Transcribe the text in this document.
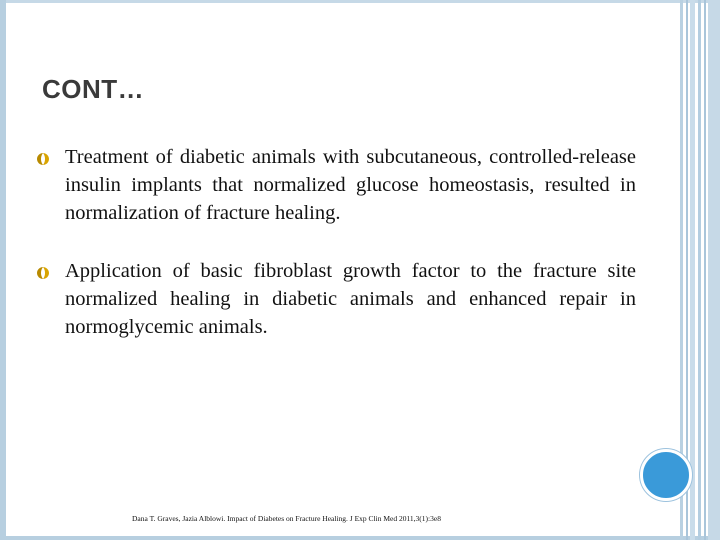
CONT…
Treatment of diabetic animals with subcutaneous, controlled-release insulin implants that normalized glucose homeostasis, resulted in normalization of fracture healing.
Application of basic fibroblast growth factor to the fracture site normalized healing in diabetic animals and enhanced repair in normoglycemic animals.
Dana T. Graves, Jazia Alblowi. Impact of Diabetes on Fracture Healing. J Exp Clin Med 2011,3(1):3e8
